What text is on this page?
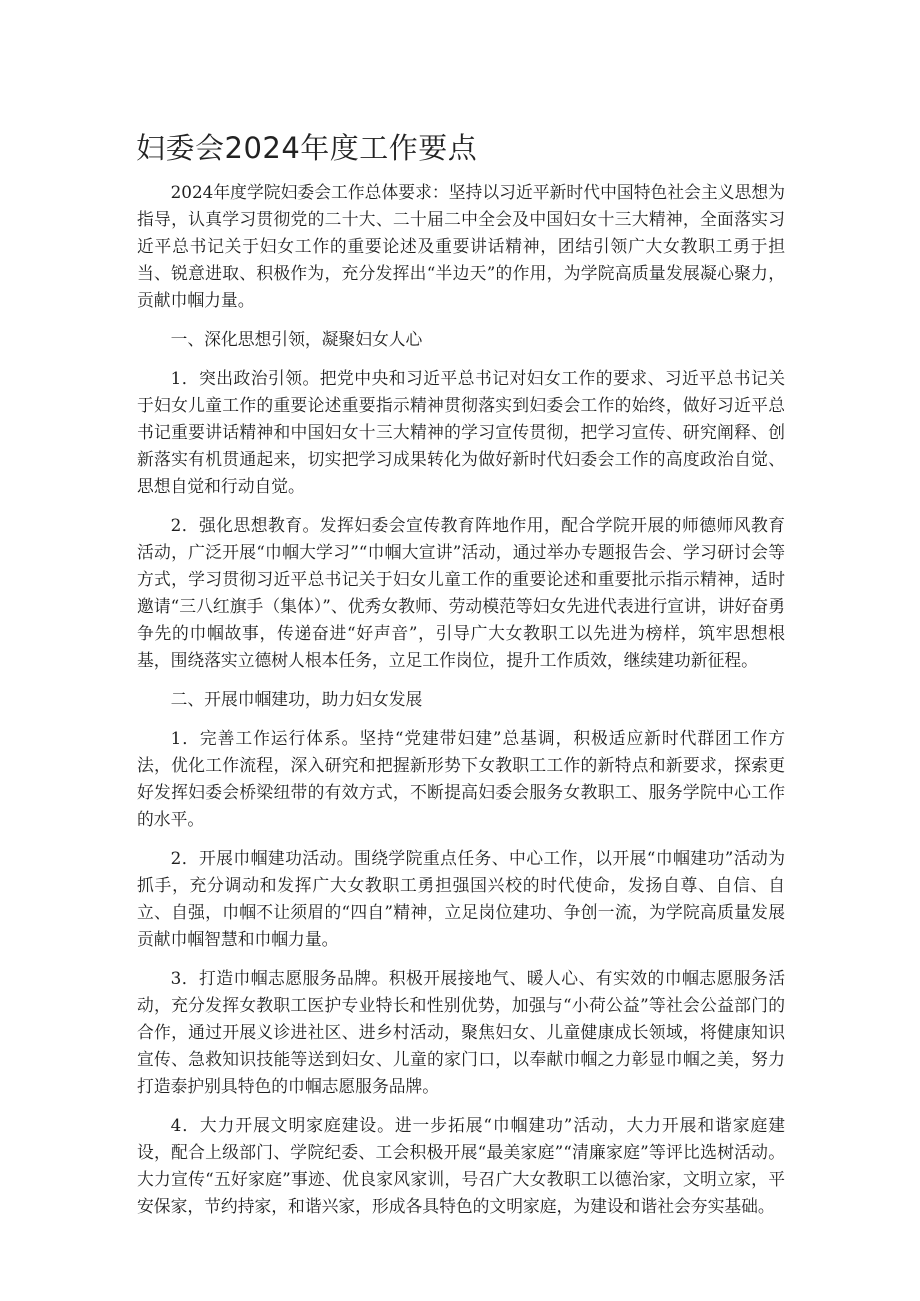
妇委会2024年度工作要点

2024年度学院妇委会工作总体要求：坚持以习近平新时代中国特色社会主义思想为指导，认真学习贯彻党的二十大、二十届二中全会及中国妇女十三大精神，全面落实习近平总书记关于妇女工作的重要论述及重要讲话精神，团结引领广大女教职工勇于担当、锐意进取、积极作为，充分发挥出“半边天”的作用，为学院高质量发展凝心聚力，贡献巾帼力量。

一、深化思想引领，凝聚妇女人心

1．突出政治引领。把党中央和习近平总书记对妇女工作的要求、习近平总书记关于妇女儿童工作的重要论述重要指示精神贯彻落实到妇委会工作的始终，做好习近平总书记重要讲话精神和中国妇女十三大精神的学习宣传贯彻，把学习宣传、研究阐释、创新落实有机贯通起来，切实把学习成果转化为做好新时代妇委会工作的高度政治自觉、思想自觉和行动自觉。

2．强化思想教育。发挥妇委会宣传教育阵地作用，配合学院开展的师德师风教育活动，广泛开展“巾帼大学习”“巾帼大宣讲”活动，通过举办专题报告会、学习研讨会等方式，学习贯彻习近平总书记关于妇女儿童工作的重要论述和重要批示指示精神，适时邀请“三八红旗手（集体）”、优秀女教师、劳动模范等妇女先进代表进行宣讲，讲好奋勇争先的巾帼故事，传递奋进“好声音”，引导广大女教职工以先进为榜样，筑牢思想根基，围绕落实立德树人根本任务，立足工作岗位，提升工作质效，继续建功新征程。

二、开展巾帼建功，助力妇女发展

1．完善工作运行体系。坚持“党建带妇建”总基调，积极适应新时代群团工作方法，优化工作流程，深入研究和把握新形势下女教职工工作的新特点和新要求，探索更好发挥妇委会桥梁纽带的有效方式，不断提高妇委会服务女教职工、服务学院中心工作的水平。

2．开展巾帼建功活动。围绕学院重点任务、中心工作，以开展“巾帼建功”活动为抓手，充分调动和发挥广大女教职工勇担强国兴校的时代使命，发扬自尊、自信、自立、自强，巾帼不让须眉的“四自”精神，立足岗位建功、争创一流，为学院高质量发展贡献巾帼智慧和巾帼力量。

3．打造巾帼志愿服务品牌。积极开展接地气、暖人心、有实效的巾帼志愿服务活动，充分发挥女教职工医护专业特长和性别优势，加强与“小荷公益”等社会公益部门的合作，通过开展义诊进社区、进乡村活动，聚焦妇女、儿童健康成长领域，将健康知识宣传、急救知识技能等送到妇女、儿童的家门口，以奉献巾帼之力彰显巾帼之美，努力打造泰护别具特色的巾帼志愿服务品牌。

4．大力开展文明家庭建设。进一步拓展“巾帼建功”活动，大力开展和谐家庭建设，配合上级部门、学院纪委、工会积极开展“最美家庭”“清廉家庭”等评比选树活动。大力宣传“五好家庭”事迹、优良家风家训，号召广大女教职工以德治家，文明立家，平安保家，节约持家，和谐兴家，形成各具特色的文明家庭，为建设和谐社会夯实基础。
